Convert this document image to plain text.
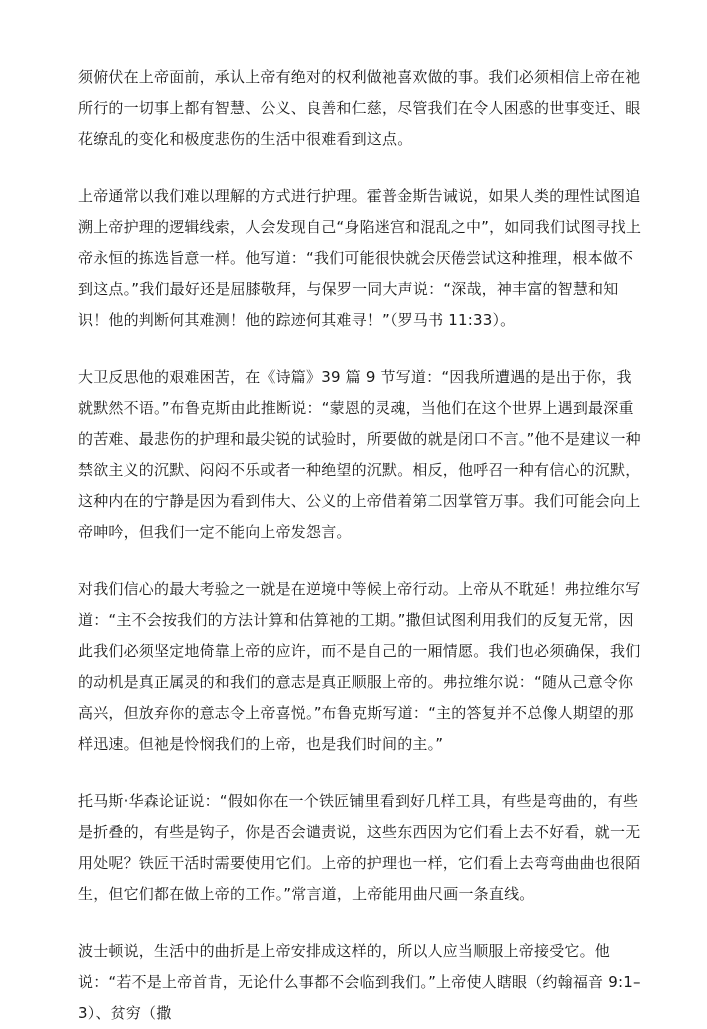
须俯伏在上帝面前，承认上帝有绝对的权利做祂喜欢做的事。我们必须相信上帝在祂所行的一切事上都有智慧、公义、良善和仁慈，尽管我们在令人困惑的世事变迁、眼花缭乱的变化和极度悲伤的生活中很难看到这点。

上帝通常以我们难以理解的方式进行护理。霍普金斯告诫说，如果人类的理性试图追溯上帝护理的逻辑线索，人会发现自己“身陷迷宫和混乱之中”，如同我们试图寻找上帝永恒的拣选旨意一样。他写道：“我们可能很快就会厌倦尝试这种推理，根本做不到这点。”我们最好还是屈膝敬拜，与保罗一同大声说：“深哉，神丰富的智慧和知识！他的判断何其难测！他的踪迹何其难寻！”（罗马书 11:33）。

大卫反思他的艰难困苦，在《诗篇》39 篇 9 节写道：“因我所遭遇的是出于你，我就默然不语。”布鲁克斯由此推断说：“蒙恩的灵魂，当他们在这个世界上遇到最深重的苦难、最悲伤的护理和最尖锐的试验时，所要做的就是闭口不言。”他不是建议一种禁欲主义的沉默、闷闷不乐或者一种绝望的沉默。相反，他呼召一种有信心的沉默，这种内在的宁静是因为看到伟大、公义的上帝借着第二因掌管万事。我们可能会向上帝呻吟，但我们一定不能向上帝发怨言。

对我们信心的最大考验之一就是在逆境中等候上帝行动。上帝从不耽延！弗拉维尔写道：“主不会按我们的方法计算和估算祂的工期。”撒但试图利用我们的反复无常，因此我们必须坚定地倚靠上帝的应许，而不是自己的一厢情愿。我们也必须确保，我们的动机是真正属灵的和我们的意志是真正顺服上帝的。弗拉维尔说：“随从己意令你高兴，但放弃你的意志令上帝喜悦。”布鲁克斯写道：“主的答复并不总像人期望的那样迅速。但祂是怜悯我们的上帝，也是我们时间的主。”

托马斯·华森论证说：“假如你在一个铁匠铺里看到好几样工具，有些是弯曲的，有些是折叠的，有些是钩子，你是否会谴责说，这些东西因为它们看上去不好看，就一无用处呢？铁匠干活时需要使用它们。上帝的护理也一样，它们看上去弯弯曲曲也很陌生，但它们都在做上帝的工作。”常言道，上帝能用曲尺画一条直线。

波士顿说，生活中的曲折是上帝安排成这样的，所以人应当顺服上帝接受它。他说：“若不是上帝首肯，无论什么事都不会临到我们。”上帝使人瞎眼（约翰福音 9:1–3）、贫穷（撒
